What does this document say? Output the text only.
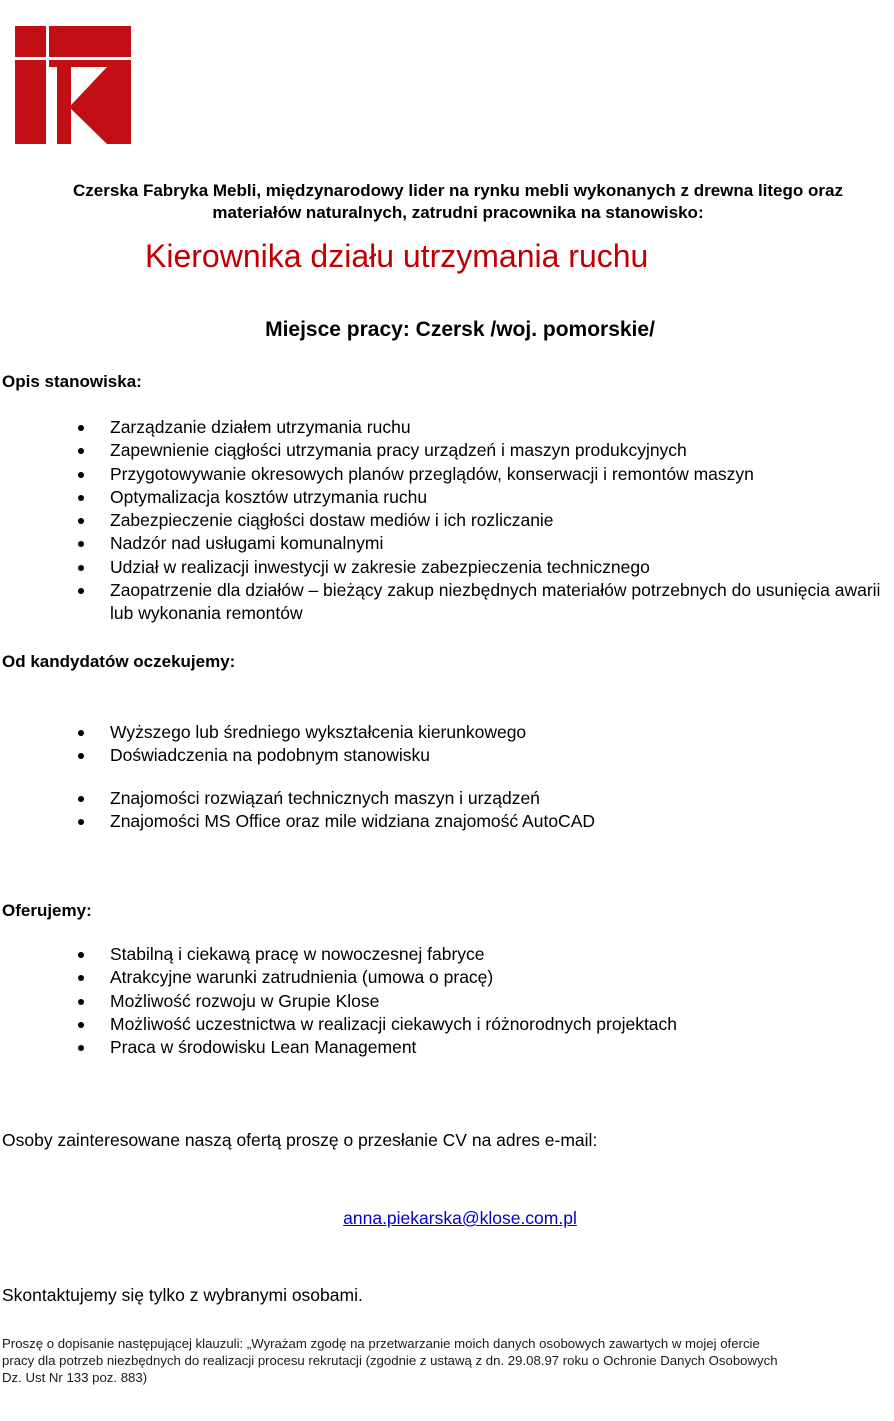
Czerska Fabryka Mebli, międzynarodowy lider na rynku mebli wykonanych z drewna litego oraz
materiałów naturalnych, zatrudni pracownika na stanowisko:
Kierownika działu utrzymania ruchu
Miejsce pracy: Czersk /woj. pomorskie/
Opis stanowiska:
Zarządzanie działem utrzymania ruchu
Zapewnienie ciągłości utrzymania pracy urządzeń i maszyn produkcyjnych
Przygotowywanie okresowych planów przeglądów, konserwacji i remontów maszyn
Optymalizacja kosztów utrzymania ruchu
Zabezpieczenie ciągłości dostaw mediów i ich rozliczanie
Nadzór nad usługami komunalnymi
Udział w realizacji inwestycji w zakresie zabezpieczenia technicznego
Zaopatrzenie dla działów – bieżący zakup niezbędnych materiałów potrzebnych do usunięcia awarii lub wykonania remontów
Od kandydatów oczekujemy:
Wyższego lub średniego wykształcenia kierunkowego
Doświadczenia na podobnym stanowisku
Znajomości rozwiązań technicznych maszyn i urządzeń
Znajomości MS Office oraz mile widziana znajomość AutoCAD
Oferujemy:
Stabilną i ciekawą pracę w nowoczesnej fabryce
Atrakcyjne warunki zatrudnienia (umowa o pracę)
Możliwość rozwoju w Grupie Klose
Możliwość uczestnictwa w realizacji ciekawych i różnorodnych projektach
Praca w środowisku Lean Management
Osoby zainteresowane naszą ofertą proszę o przesłanie CV na adres e-mail:
anna.piekarska@klose.com.pl
Skontaktujemy się tylko z wybranymi osobami.
Proszę o dopisanie następującej klauzuli: „Wyrażam zgodę na przetwarzanie moich danych osobowych zawartych w mojej ofercie
pracy dla potrzeb niezbędnych do realizacji procesu rekrutacji (zgodnie z ustawą z dn. 29.08.97 roku o Ochronie Danych Osobowych
Dz. Ust Nr 133 poz. 883)
